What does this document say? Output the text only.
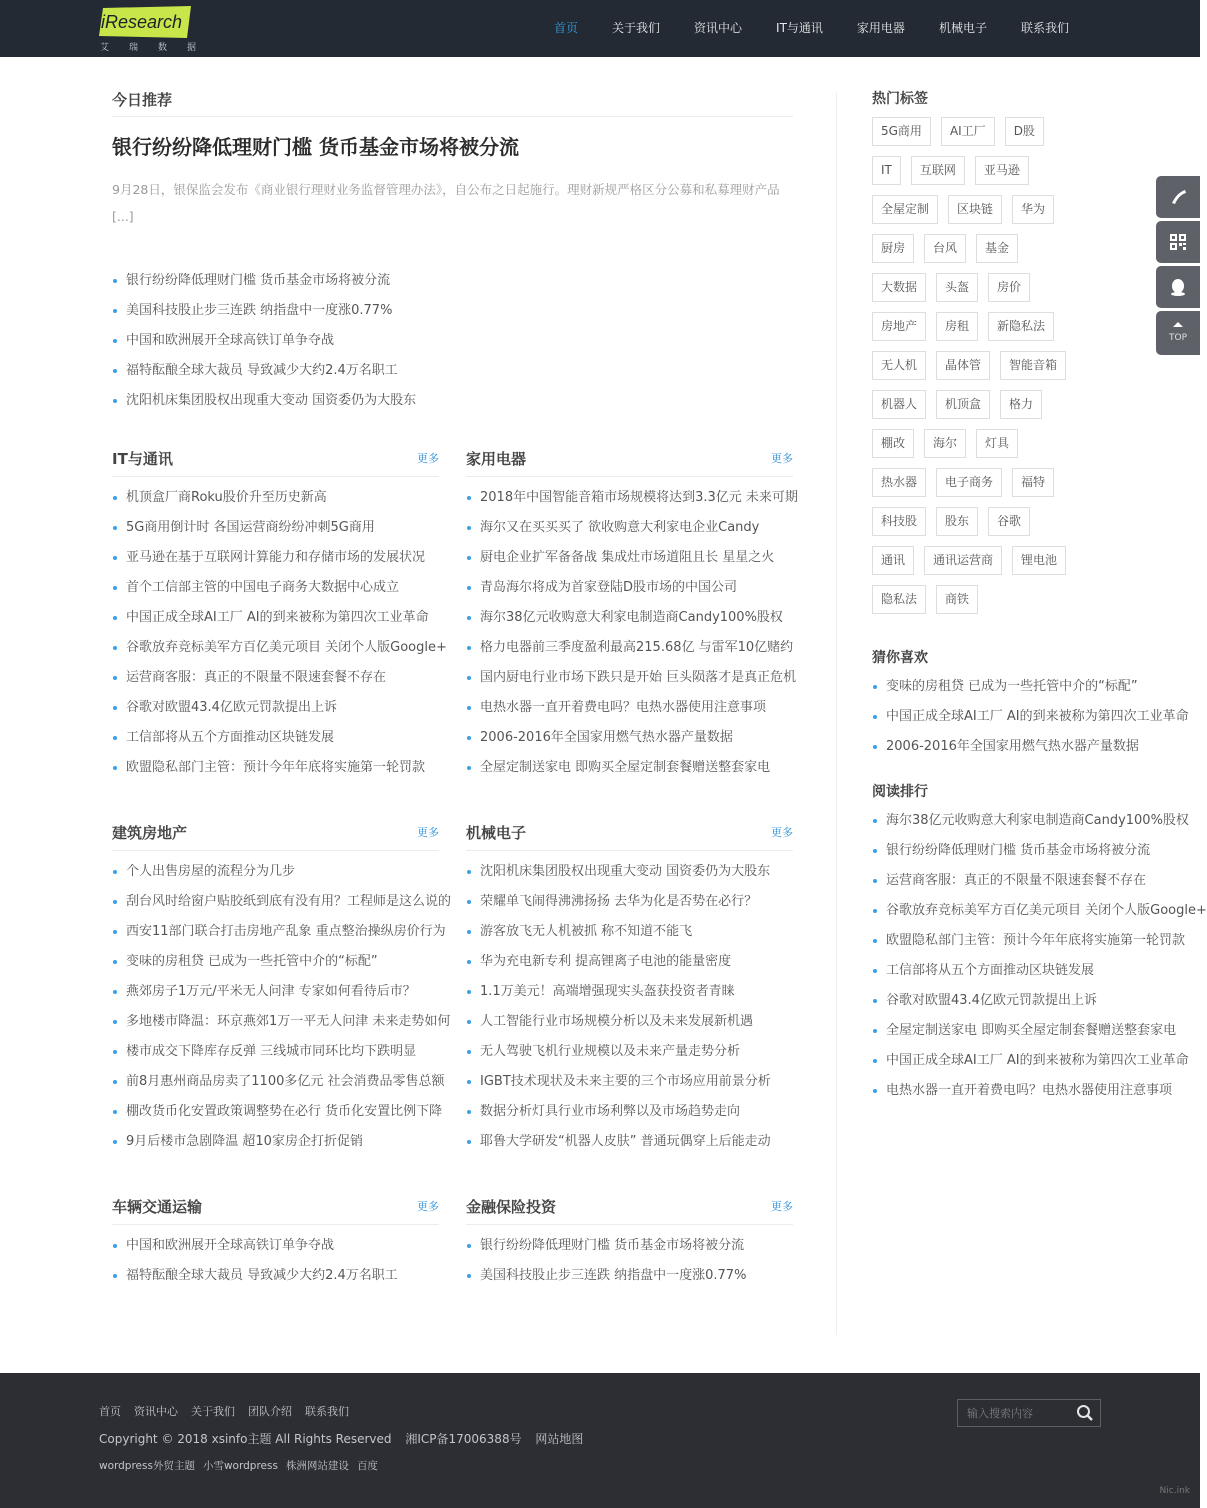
iResearch
艾 瑞 数 据
首页	关于我们	资讯中心	IT与通讯	家用电器	机械电子	联系我们
今日推荐
银行纷纷降低理财门槛 货币基金市场将被分流

9月28日，银保监会发布《商业银行理财业务监督管理办法》，自公布之日起施行。理财新规严格区分公募和私募理财产品 [...]

银行纷纷降低理财门槛 货币基金市场将被分流
美国科技股止步三连跌 纳指盘中一度涨0.77%
中国和欧洲展开全球高铁订单争夺战
福特酝酿全球大裁员 导致减少大约2.4万名职工
沈阳机床集团股权出现重大变动 国资委仍为大股东
IT与通讯	更多
机顶盒厂商Roku股价升至历史新高
5G商用倒计时 各国运营商纷纷冲刺5G商用
亚马逊在基于互联网计算能力和存储市场的发展状况
首个工信部主管的中国电子商务大数据中心成立
中国正成全球AI工厂 AI的到来被称为第四次工业革命
谷歌放弃竞标美军方百亿美元项目 关闭个人版Google+
运营商客服：真正的不限量不限速套餐不存在
谷歌对欧盟43.4亿欧元罚款提出上诉
工信部将从五个方面推动区块链发展
欧盟隐私部门主管：预计今年年底将实施第一轮罚款
家用电器	更多
2018年中国智能音箱市场规模将达到3.3亿元 未来可期
海尔又在买买买了 欲收购意大利家电企业Candy
厨电企业扩军备备战 集成灶市场道阻且长 星星之火
青岛海尔将成为首家登陆D股市场的中国公司
海尔38亿元收购意大利家电制造商Candy100%股权
格力电器前三季度盈利最高215.68亿 与雷军10亿赌约
国内厨电行业市场下跌只是开始 巨头陨落才是真正危机
电热水器一直开着费电吗？电热水器使用注意事项
2006-2016年全国家用燃气热水器产量数据
全屋定制送家电 即购买全屋定制套餐赠送整套家电
建筑房地产	更多
个人出售房屋的流程分为几步
刮台风时给窗户贴胶纸到底有没有用？工程师是这么说的
西安11部门联合打击房地产乱象 重点整治操纵房价行为
变味的房租贷 已成为一些托管中介的“标配”
燕郊房子1万元/平米无人问津 专家如何看待后市？
多地楼市降温：环京燕郊1万一平无人问津 未来走势如何
楼市成交下降库存反弹 三线城市同环比均下跌明显
前8月惠州商品房卖了1100多亿元 社会消费品零售总额
棚改货币化安置政策调整势在必行 货币化安置比例下降
9月后楼市急剧降温 超10家房企打折促销
机械电子	更多
沈阳机床集团股权出现重大变动 国资委仍为大股东
荣耀单飞闹得沸沸扬扬 去华为化是否势在必行？
游客放飞无人机被抓 称不知道不能飞
华为充电新专利 提高锂离子电池的能量密度
1.1万美元！高端增强现实头盔获投资者青睐
人工智能行业市场规模分析以及未来发展新机遇
无人驾驶飞机行业规模以及未来产量走势分析
IGBT技术现状及未来主要的三个市场应用前景分析
数据分析灯具行业市场利弊以及市场趋势走向
耶鲁大学研发“机器人皮肤” 普通玩偶穿上后能走动
车辆交通运输	更多
中国和欧洲展开全球高铁订单争夺战
福特酝酿全球大裁员 导致减少大约2.4万名职工
金融保险投资	更多
银行纷纷降低理财门槛 货币基金市场将被分流
美国科技股止步三连跌 纳指盘中一度涨0.77%
热门标签
5G商用	AI工厂	D股
IT	互联网	亚马逊
全屋定制	区块链	华为
厨房	台风	基金
大数据	头盔	房价
房地产	房租	新隐私法
无人机	晶体管	智能音箱
机器人	机顶盒	格力
棚改	海尔	灯具
热水器	电子商务	福特
科技股	股东	谷歌
通讯	通讯运营商	锂电池
隐私法	商铁
猜你喜欢
变味的房租贷 已成为一些托管中介的“标配”
中国正成全球AI工厂 AI的到来被称为第四次工业革命
2006-2016年全国家用燃气热水器产量数据
阅读排行
海尔38亿元收购意大利家电制造商Candy100%股权
银行纷纷降低理财门槛 货币基金市场将被分流
运营商客服：真正的不限量不限速套餐不存在
谷歌放弃竞标美军方百亿美元项目 关闭个人版Google+
欧盟隐私部门主管：预计今年年底将实施第一轮罚款
工信部将从五个方面推动区块链发展
谷歌对欧盟43.4亿欧元罚款提出上诉
全屋定制送家电 即购买全屋定制套餐赠送整套家电
中国正成全球AI工厂 AI的到来被称为第四次工业革命
电热水器一直开着费电吗？电热水器使用注意事项
TOP
首页 资讯中心 关于我们 团队介绍 联系我们
Copyright © 2018 xsinfo主题 All Rights Reserved 湘ICP备17006388号 网站地图
wordpress外贸主题 小雪wordpress 株洲网站建设 百度
输入搜索内容
Nic.ink
